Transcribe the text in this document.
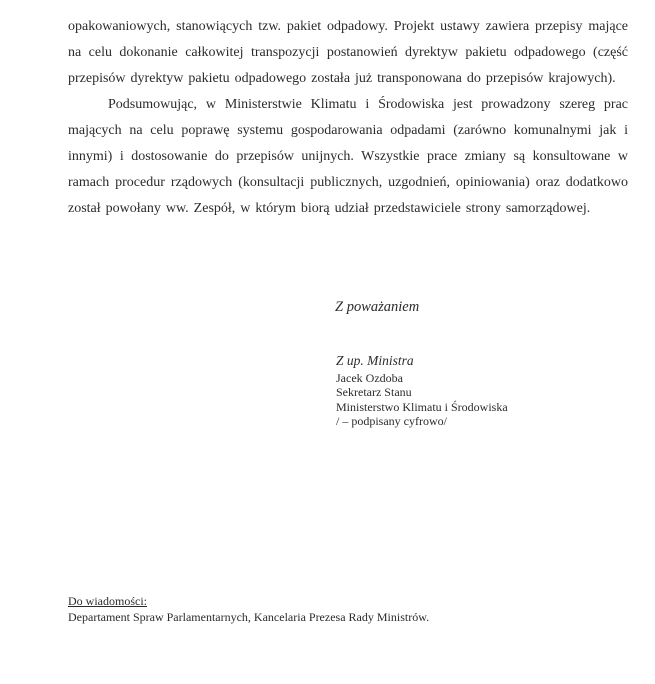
opakowaniowych, stanowiących tzw. pakiet odpadowy. Projekt ustawy zawiera przepisy mające na celu dokonanie całkowitej transpozycji postanowień dyrektyw pakietu odpadowego (część przepisów dyrektyw pakietu odpadowego została już transponowana do przepisów krajowych).

Podsumowując, w Ministerstwie Klimatu i Środowiska jest prowadzony szereg prac mających na celu poprawę systemu gospodarowania odpadami (zarówno komunalnymi jak i innymi) i dostosowanie do przepisów unijnych. Wszystkie prace zmiany są konsultowane w ramach procedur rządowych (konsultacji publicznych, uzgodnień, opiniowania) oraz dodatkowo został powołany ww. Zespół, w którym biorą udział przedstawiciele strony samorządowej.

Z poważaniem
Z up. Ministra
Jacek Ozdoba
Sekretarz Stanu
Ministerstwo Klimatu i Środowiska
/ – podpisany cyfrowo/
Do wiadomości:
Departament Spraw Parlamentarnych, Kancelaria Prezesa Rady Ministrów.
